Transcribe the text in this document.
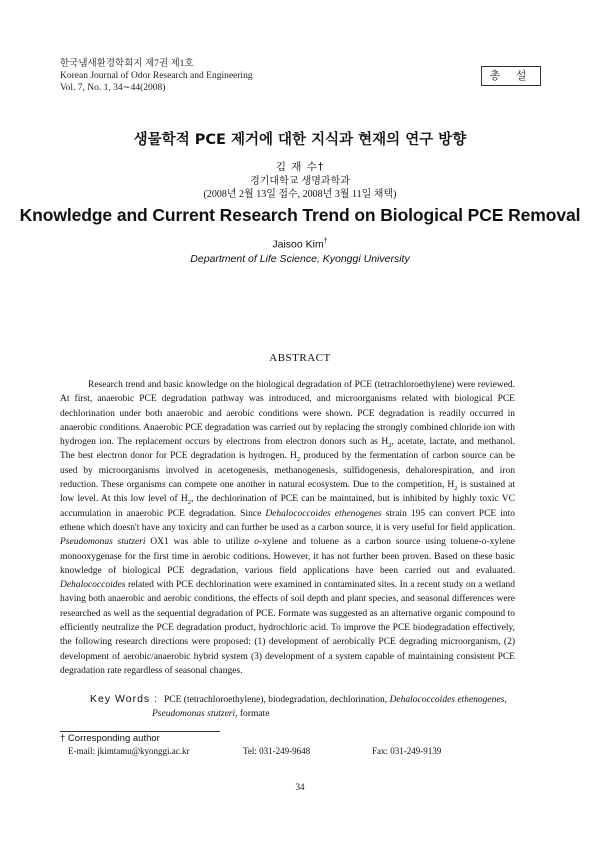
한국냄새환경학회지 제7권 제1호
Korean Journal of Odor Research and Engineering
Vol. 7, No. 1, 34∼44(2008)
총 설
생물학적 PCE 제거에 대한 지식과 현재의 연구 방향
김 재 수†
경기대학교 생명과학과
(2008년 2월 13일 접수, 2008년 3월 11일 채택)
Knowledge and Current Research Trend on Biological PCE Removal
Jaisoo Kim†
Department of Life Science, Kyonggi University
ABSTRACT
Research trend and basic knowledge on the biological degradation of PCE (tetrachloroethylene) were reviewed. At first, anaerobic PCE degradation pathway was introduced, and microorganisms related with biological PCE dechlorination under both anaerobic and aerobic conditions were shown. PCE degradation is readily occurred in anaerobic conditions. Anaerobic PCE degradation was carried out by replacing the strongly combined chloride ion with hydrogen ion. The replacement occurs by electrons from electron donors such as $H_2$, acetate, lactate, and methanol. The best electron donor for PCE degradation is hydrogen. $H_2$ produced by the fermentation of carbon source can be used by microorganisms involved in acetogenesis, methanogenesis, sulfidogenesis, dehalorespiration, and iron reduction. These organisms can compete one another in natural ecosystem. Due to the competition, $H_2$ is sustained at low level. At this low level of $H_2$, the dechlorination of PCE can be maintained, but is inhibited by highly toxic VC accumulation in anaerobic PCE degradation. Since Dehalococcoides ethenogenes strain 195 can convert PCE into ethene which doesn't have any toxicity and can further be used as a carbon source, it is very useful for field application. Pseudomonas stutzeri OX1 was able to utilize o-xylene and toluene as a carbon source using toluene-o-xylene monooxygenase for the first time in aerobic coditions. However, it has not further been proven. Based on these basic knowledge of biological PCE degradation, various field applications have been carried out and evaluated. Dehalococcoides related with PCE dechlorination were examined in contaminated sites. In a recent study on a wetland having both anaerobic and aerobic conditions, the effects of soil depth and plant species, and seasonal differences were researched as well as the sequential degradation of PCE. Formate was suggested as an alternative organic compound to efficiently neutralize the PCE degradation product, hydrochloric acid. To improve the PCE biodegradation effectively, the following research directions were proposed: (1) development of aerobically PCE degrading microorganism, (2) development of aerobic/anaerobic hybrid system (3) development of a system capable of maintaining consistent PCE degradation rate regardless of seasonal changes.
Key Words : PCE (tetrachloroethylene), biodegradation, dechlorination, Dehalococcoides ethenogenes,
Pseudomonas stutzeri, formate
† Corresponding author
E-mail: jkimtamu@kyonggi.ac.kr	Tel: 031-249-9648	Fax: 031-249-9139
34
